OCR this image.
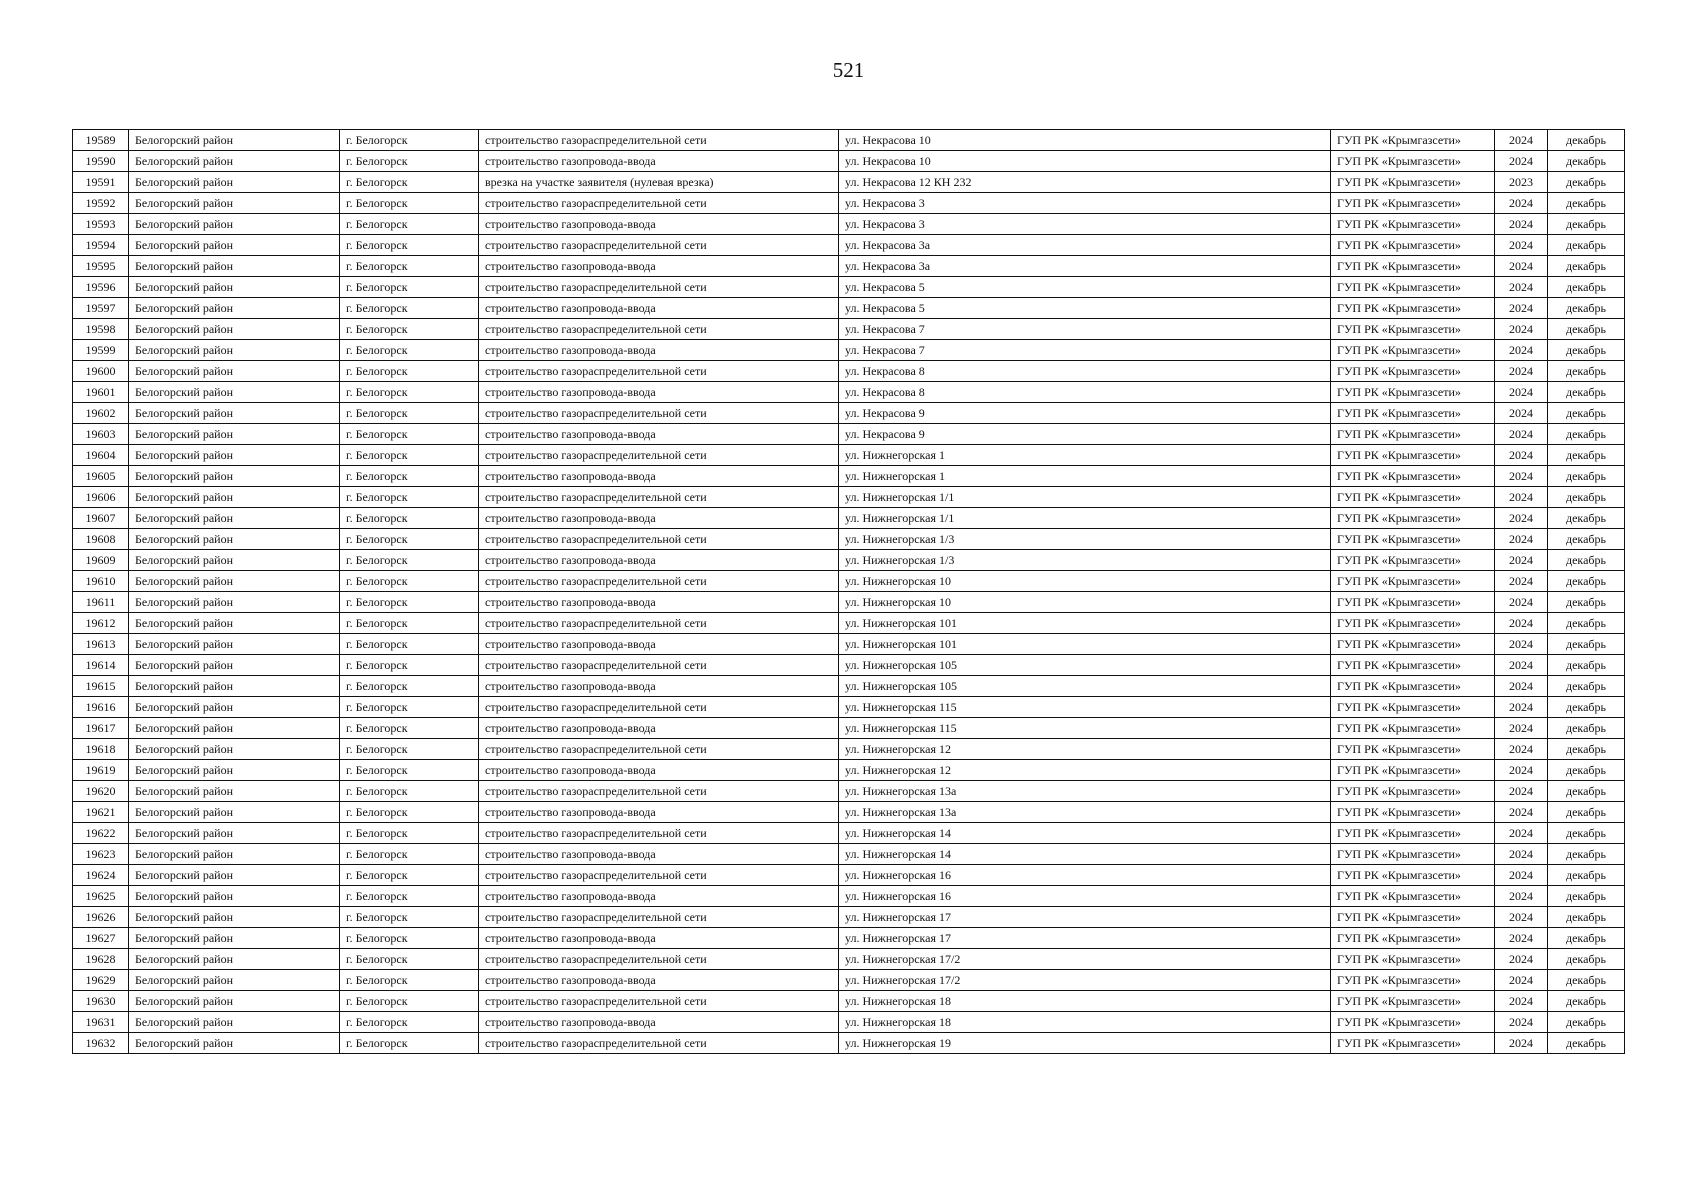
521
19589	Белогорский район	г. Белогорск	строительство газораспределительной сети	ул. Некрасова 10	ГУП РК «Крымгазсети»	2024	декабрь
19590	Белогорский район	г. Белогорск	строительство газопровода-ввода	ул. Некрасова 10	ГУП РК «Крымгазсети»	2024	декабрь
19591	Белогорский район	г. Белогорск	врезка на участке заявителя (нулевая врезка)	ул. Некрасова 12 КН 232	ГУП РК «Крымгазсети»	2023	декабрь
19592	Белогорский район	г. Белогорск	строительство газораспределительной сети	ул. Некрасова 3	ГУП РК «Крымгазсети»	2024	декабрь
19593	Белогорский район	г. Белогорск	строительство газопровода-ввода	ул. Некрасова 3	ГУП РК «Крымгазсети»	2024	декабрь
19594	Белогорский район	г. Белогорск	строительство газораспределительной сети	ул. Некрасова 3а	ГУП РК «Крымгазсети»	2024	декабрь
19595	Белогорский район	г. Белогорск	строительство газопровода-ввода	ул. Некрасова 3а	ГУП РК «Крымгазсети»	2024	декабрь
19596	Белогорский район	г. Белогорск	строительство газораспределительной сети	ул. Некрасова 5	ГУП РК «Крымгазсети»	2024	декабрь
19597	Белогорский район	г. Белогорск	строительство газопровода-ввода	ул. Некрасова 5	ГУП РК «Крымгазсети»	2024	декабрь
19598	Белогорский район	г. Белогорск	строительство газораспределительной сети	ул. Некрасова 7	ГУП РК «Крымгазсети»	2024	декабрь
19599	Белогорский район	г. Белогорск	строительство газопровода-ввода	ул. Некрасова 7	ГУП РК «Крымгазсети»	2024	декабрь
19600	Белогорский район	г. Белогорск	строительство газораспределительной сети	ул. Некрасова 8	ГУП РК «Крымгазсети»	2024	декабрь
19601	Белогорский район	г. Белогорск	строительство газопровода-ввода	ул. Некрасова 8	ГУП РК «Крымгазсети»	2024	декабрь
19602	Белогорский район	г. Белогорск	строительство газораспределительной сети	ул. Некрасова 9	ГУП РК «Крымгазсети»	2024	декабрь
19603	Белогорский район	г. Белогорск	строительство газопровода-ввода	ул. Некрасова 9	ГУП РК «Крымгазсети»	2024	декабрь
19604	Белогорский район	г. Белогорск	строительство газораспределительной сети	ул. Нижнегорская 1	ГУП РК «Крымгазсети»	2024	декабрь
19605	Белогорский район	г. Белогорск	строительство газопровода-ввода	ул. Нижнегорская 1	ГУП РК «Крымгазсети»	2024	декабрь
19606	Белогорский район	г. Белогорск	строительство газораспределительной сети	ул. Нижнегорская 1/1	ГУП РК «Крымгазсети»	2024	декабрь
19607	Белогорский район	г. Белогорск	строительство газопровода-ввода	ул. Нижнегорская 1/1	ГУП РК «Крымгазсети»	2024	декабрь
19608	Белогорский район	г. Белогорск	строительство газораспределительной сети	ул. Нижнегорская 1/3	ГУП РК «Крымгазсети»	2024	декабрь
19609	Белогорский район	г. Белогорск	строительство газопровода-ввода	ул. Нижнегорская 1/3	ГУП РК «Крымгазсети»	2024	декабрь
19610	Белогорский район	г. Белогорск	строительство газораспределительной сети	ул. Нижнегорская 10	ГУП РК «Крымгазсети»	2024	декабрь
19611	Белогорский район	г. Белогорск	строительство газопровода-ввода	ул. Нижнегорская 10	ГУП РК «Крымгазсети»	2024	декабрь
19612	Белогорский район	г. Белогорск	строительство газораспределительной сети	ул. Нижнегорская 101	ГУП РК «Крымгазсети»	2024	декабрь
19613	Белогорский район	г. Белогорск	строительство газопровода-ввода	ул. Нижнегорская 101	ГУП РК «Крымгазсети»	2024	декабрь
19614	Белогорский район	г. Белогорск	строительство газораспределительной сети	ул. Нижнегорская 105	ГУП РК «Крымгазсети»	2024	декабрь
19615	Белогорский район	г. Белогорск	строительство газопровода-ввода	ул. Нижнегорская 105	ГУП РК «Крымгазсети»	2024	декабрь
19616	Белогорский район	г. Белогорск	строительство газораспределительной сети	ул. Нижнегорская 115	ГУП РК «Крымгазсети»	2024	декабрь
19617	Белогорский район	г. Белогорск	строительство газопровода-ввода	ул. Нижнегорская 115	ГУП РК «Крымгазсети»	2024	декабрь
19618	Белогорский район	г. Белогорск	строительство газораспределительной сети	ул. Нижнегорская 12	ГУП РК «Крымгазсети»	2024	декабрь
19619	Белогорский район	г. Белогорск	строительство газопровода-ввода	ул. Нижнегорская 12	ГУП РК «Крымгазсети»	2024	декабрь
19620	Белогорский район	г. Белогорск	строительство газораспределительной сети	ул. Нижнегорская 13а	ГУП РК «Крымгазсети»	2024	декабрь
19621	Белогорский район	г. Белогорск	строительство газопровода-ввода	ул. Нижнегорская 13а	ГУП РК «Крымгазсети»	2024	декабрь
19622	Белогорский район	г. Белогорск	строительство газораспределительной сети	ул. Нижнегорская 14	ГУП РК «Крымгазсети»	2024	декабрь
19623	Белогорский район	г. Белогорск	строительство газопровода-ввода	ул. Нижнегорская 14	ГУП РК «Крымгазсети»	2024	декабрь
19624	Белогорский район	г. Белогорск	строительство газораспределительной сети	ул. Нижнегорская 16	ГУП РК «Крымгазсети»	2024	декабрь
19625	Белогорский район	г. Белогорск	строительство газопровода-ввода	ул. Нижнегорская 16	ГУП РК «Крымгазсети»	2024	декабрь
19626	Белогорский район	г. Белогорск	строительство газораспределительной сети	ул. Нижнегорская 17	ГУП РК «Крымгазсети»	2024	декабрь
19627	Белогорский район	г. Белогорск	строительство газопровода-ввода	ул. Нижнегорская 17	ГУП РК «Крымгазсети»	2024	декабрь
19628	Белогорский район	г. Белогорск	строительство газораспределительной сети	ул. Нижнегорская 17/2	ГУП РК «Крымгазсети»	2024	декабрь
19629	Белогорский район	г. Белогорск	строительство газопровода-ввода	ул. Нижнегорская 17/2	ГУП РК «Крымгазсети»	2024	декабрь
19630	Белогорский район	г. Белогорск	строительство газораспределительной сети	ул. Нижнегорская 18	ГУП РК «Крымгазсети»	2024	декабрь
19631	Белогорский район	г. Белогорск	строительство газопровода-ввода	ул. Нижнегорская 18	ГУП РК «Крымгазсети»	2024	декабрь
19632	Белогорский район	г. Белогорск	строительство газораспределительной сети	ул. Нижнегорская 19	ГУП РК «Крымгазсети»	2024	декабрь
